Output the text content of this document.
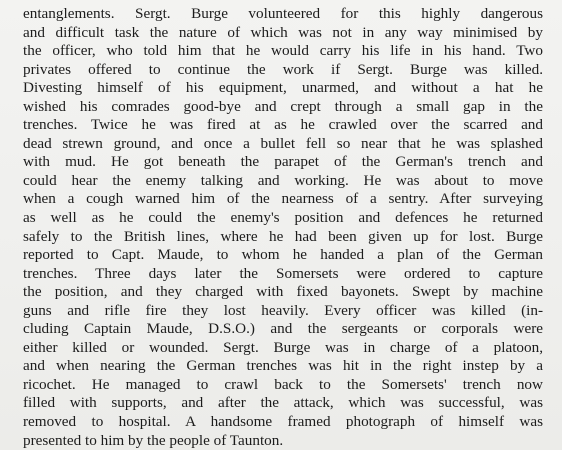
entanglements. Sergt. Burge volunteered for this highly dangerous
and difficult task the nature of which was not in any way minimised by
the officer, who told him that he would carry his life in his hand. Two
privates offered to continue the work if Sergt. Burge was killed.
Divesting himself of his equipment, unarmed, and without a hat he
wished his comrades good-bye and crept through a small gap in the
trenches. Twice he was fired at as he crawled over the scarred and
dead strewn ground, and once a bullet fell so near that he was splashed
with mud. He got beneath the parapet of the German's trench and
could hear the enemy talking and working. He was about to move
when a cough warned him of the nearness of a sentry. After surveying
as well as he could the enemy's position and defences he returned
safely to the British lines, where he had been given up for lost. Burge
reported to Capt. Maude, to whom he handed a plan of the German
trenches. Three days later the Somersets were ordered to capture
the position, and they charged with fixed bayonets. Swept by machine
guns and rifle fire they lost heavily. Every officer was killed (in-
cluding Captain Maude, D.S.O.) and the sergeants or corporals were
either killed or wounded. Sergt. Burge was in charge of a platoon,
and when nearing the German trenches was hit in the right instep by a
ricochet. He managed to crawl back to the Somersets' trench now
filled with supports, and after the attack, which was successful, was
removed to hospital. A handsome framed photograph of himself was
presented to him by the people of Taunton.
